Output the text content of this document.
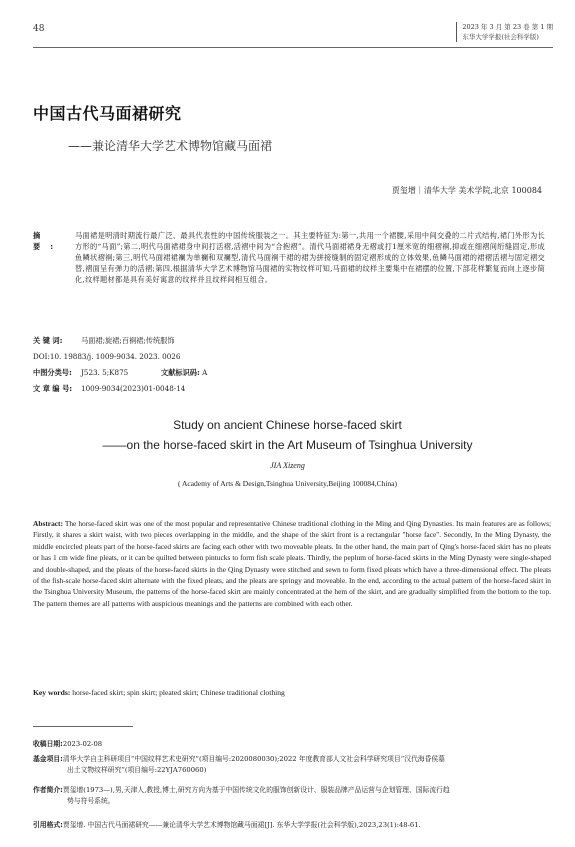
48	2023 年 3 月 第 23 卷 第 1 期
东华大学学报(社会科学版)
中国古代马面裙研究
——兼论清华大学艺术博物馆藏马面裙
贾玺增｜清华大学 美术学院,北京 100084
摘要:马面裙是明清时期流行最广泛、最具代表性的中国传统服装之一。其主要特征为:第一,共用一个裙腰,采用中间交叠的二片式结构,裙门外形为长方形的“马面”;第二,明代马面裙裙身中间打活褶,活褶中间为“合抱褶”。清代马面裙裙身无褶或打1厘米宽的细褶裥,抑或在细褶间绗缝固定,形成鱼鳞状褶裥;第三,明代马面裙裙襕为单襕和双襕型,清代马面裥干裙的裙为拼接缝制的固定褶形成的立体效果,鱼鳞马面裙的裙褶活褶与固定褶交替,褶面呈有弹力的活褶;第四,根据清华大学艺术博物馆马面裙的实物纹样可知,马面裙的纹样主要集中在裙摆的位置,下部花样繁复而向上逐步简化,纹样题材都是具有美好寓意的纹样并且纹样间相互组合。
关 键 词:	马面裙;旋裙;百裥裙;传统服饰
DOI:10. 19883/j. 1009-9034. 2023. 0026
中图分类号: J523. 5;K875	文献标识码: A
文 章 编 号: 1009-9034(2023)01-0048-14
Study on ancient Chinese horse-faced skirt
——on the horse-faced skirt in the Art Museum of Tsinghua University
JIA Xizeng
( Academy of Arts & Design,Tsinghua University,Beijing 100084,China)
Abstract: The horse-faced skirt was one of the most popular and representative Chinese traditional clothing in the Ming and Qing Dynasties. Its main features are as follows; Firstly, it shares a skirt waist, with two pieces overlapping in the middle, and the shape of the skirt front is a rectangular "horse face". Secondly, In the Ming Dynasty, the middle encircled pleats part of the horse-faced skirts are facing each other with two moveable pleats. In the other hand, the main part of Qing's horse-faced skirt has no pleats or has 1 cm wide fine pleats, or it can be quilted between pintucks to form fish scale pleats. Thirdly, the peplum of horse-faced skirts in the Ming Dynasty were single-shaped and double-shaped, and the pleats of the horse-faced skirts in the Qing Dynasty were stitched and sewn to form fixed pleats which have a three-dimensional effect. The pleats of the fish-scale horse-faced skirt alternate with the fixed pleats, and the pleats are springy and moveable. In the end, according to the actual pattern of the horse-faced skirt in the Tsinghua University Museum, the patterns of the horse-faced skirt are mainly concentrated at the hem of the skirt, and are gradually simplified from the bottom to the top. The pattern themes are all patterns with auspicious meanings and the patterns are combined with each other.
Key words: horse-faced skirt; spin skirt; pleated skirt; Chinese traditional clothing
收稿日期:2023-02-08
基金项目:清华大学自主科研项目“中国纹样艺术史研究”(项目编号:2020080030);2022 年度教育部人文社会科学研究项目“汉代海昏侯墓
出土文物纹样研究”(项目编号:22YJA760060)
作者简介:贾玺增(1973—),男,天津人,教授,博士,研究方向为基于中国传统文化的服饰创新设计、服装品牌产品运营与企划管理、国际流行趋
势与符号系统。
引用格式:贾玺增. 中国古代马面裙研究——兼论清华大学艺术博物馆藏马面裙[J]. 东华大学学报(社会科学版),2023,23(1):48-61.
